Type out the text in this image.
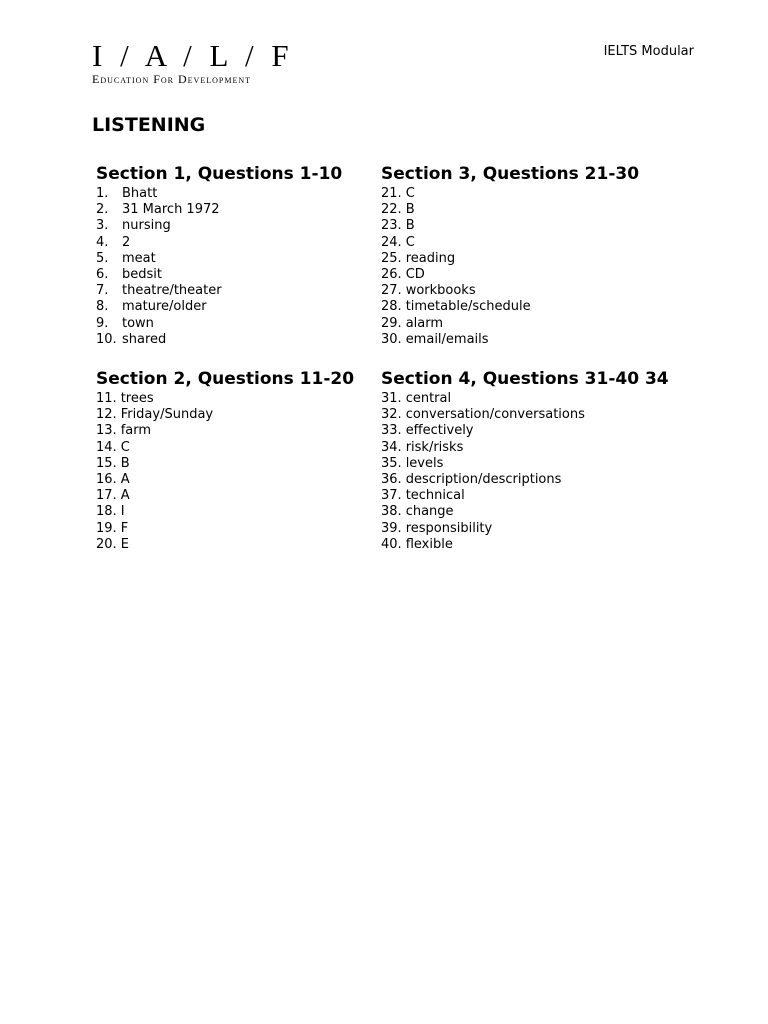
I / A / L / F
Education For Development
IELTS Modular
LISTENING
Section 1, Questions 1-10
1.	Bhatt
2.	31 March 1972
3.	nursing
4.	2
5.	meat
6.	bedsit
7.	theatre/theater
8.	mature/older
9.	town
10. shared
Section 3, Questions 21-30
21. C
22. B
23. B
24. C
25. reading
26. CD
27. workbooks
28. timetable/schedule
29. alarm
30. email/emails
Section 2, Questions 11-20
11. trees
12. Friday/Sunday
13. farm
14. C
15. B
16. A
17. A
18. I
19. F
20. E
Section 4, Questions 31-40 34
31. central
32. conversation/conversations
33. effectively
34. risk/risks
35. levels
36. description/descriptions
37. technical
38. change
39. responsibility
40. flexible
